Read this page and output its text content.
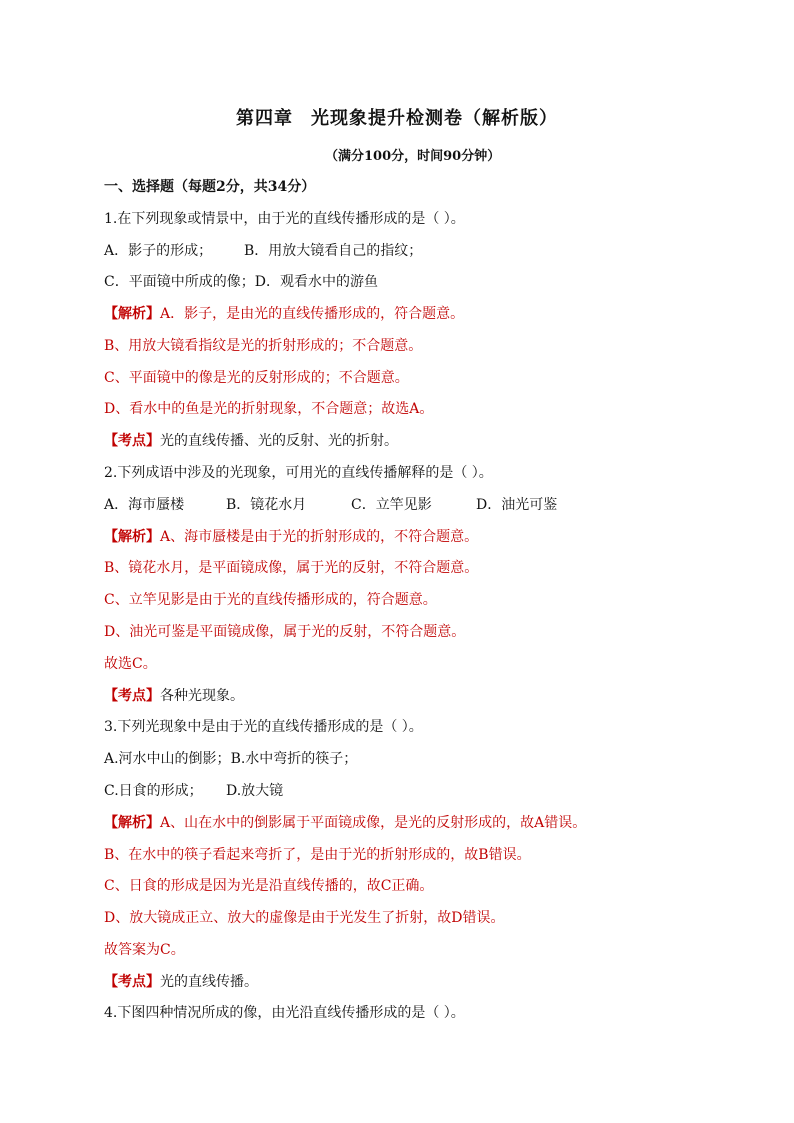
第四章 光现象提升检测卷（解析版）
（满分100分，时间90分钟）
一、选择题（每题2分，共34分）
1.在下列现象或情景中，由于光的直线传播形成的是（ ）。
A．影子的形成； B．用放大镜看自己的指纹；
C．平面镜中所成的像；D．观看水中的游鱼
【解析】A．影子，是由光的直线传播形成的，符合题意。
B、用放大镜看指纹是光的折射形成的；不合题意。
C、平面镜中的像是光的反射形成的；不合题意。
D、看水中的鱼是光的折射现象，不合题意；故选A。
【考点】光的直线传播、光的反射、光的折射。
2.下列成语中涉及的光现象，可用光的直线传播解释的是（ ）。
A．海市蜃楼	B．镜花水月	C．立竿见影	D．油光可鉴
【解析】A、海市蜃楼是由于光的折射形成的，不符合题意。
B、镜花水月，是平面镜成像，属于光的反射，不符合题意。
C、立竿见影是由于光的直线传播形成的，符合题意。
D、油光可鉴是平面镜成像，属于光的反射，不符合题意。
故选C。
【考点】各种光现象。
3.下列光现象中是由于光的直线传播形成的是（ ）。
A.河水中山的倒影；B.水中弯折的筷子；
C.日食的形成； D.放大镜
【解析】A、山在水中的倒影属于平面镜成像，是光的反射形成的，故A错误。
B、在水中的筷子看起来弯折了，是由于光的折射形成的，故B错误。
C、日食的形成是因为光是沿直线传播的，故C正确。
D、放大镜成正立、放大的虚像是由于光发生了折射，故D错误。
故答案为C。
【考点】光的直线传播。
4.下图四种情况所成的像，由光沿直线传播形成的是（ ）。
